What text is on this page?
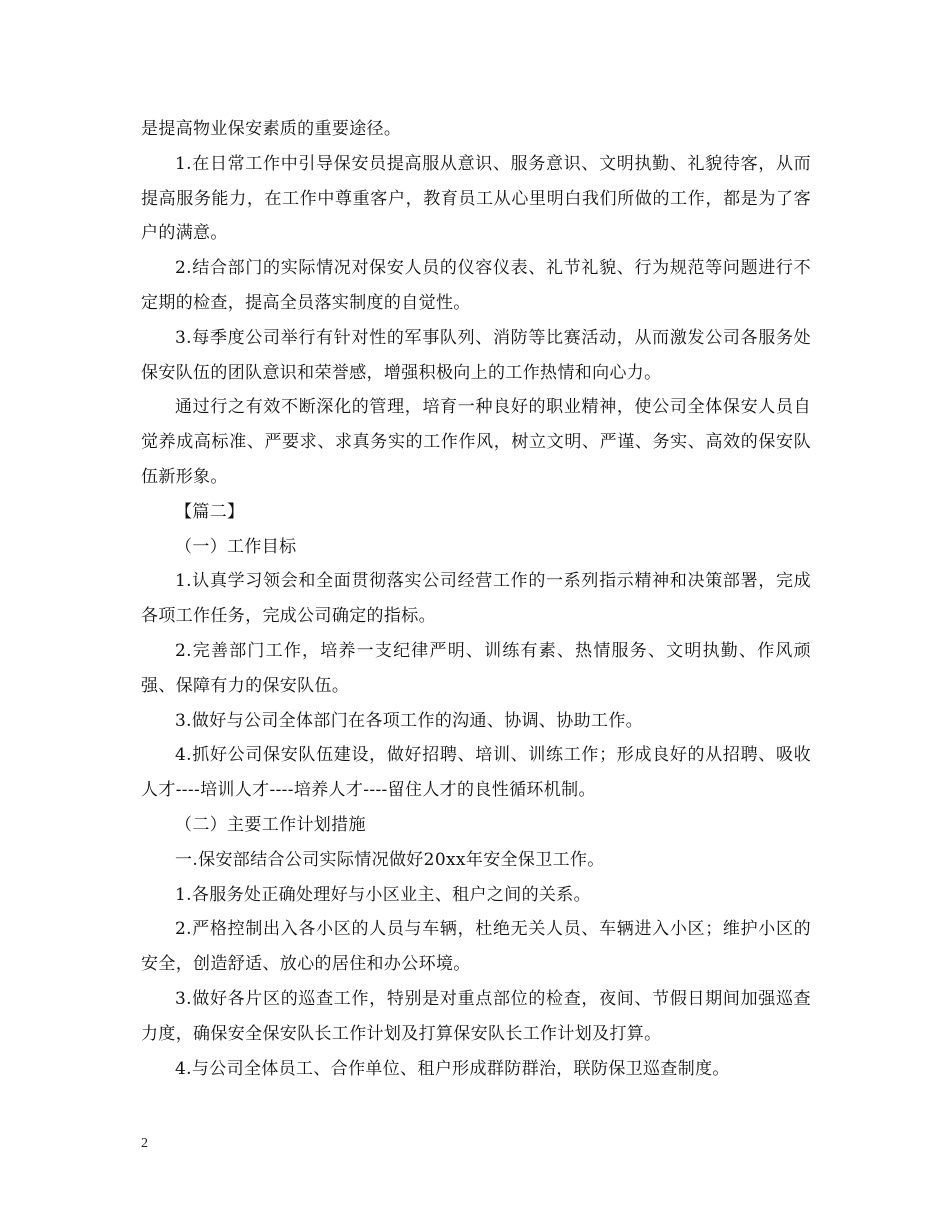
是提高物业保安素质的重要途径。

1.在日常工作中引导保安员提高服从意识、服务意识、文明执勤、礼貌待客，从而提高服务能力，在工作中尊重客户，教育员工从心里明白我们所做的工作，都是为了客户的满意。

2.结合部门的实际情况对保安人员的仪容仪表、礼节礼貌、行为规范等问题进行不定期的检查，提高全员落实制度的自觉性。

3.每季度公司举行有针对性的军事队列、消防等比赛活动，从而激发公司各服务处保安队伍的团队意识和荣誉感，增强积极向上的工作热情和向心力。

通过行之有效不断深化的管理，培育一种良好的职业精神，使公司全体保安人员自觉养成高标准、严要求、求真务实的工作作风，树立文明、严谨、务实、高效的保安队伍新形象。

【篇二】

（一）工作目标

1.认真学习领会和全面贯彻落实公司经营工作的一系列指示精神和决策部署，完成各项工作任务，完成公司确定的指标。

2.完善部门工作，培养一支纪律严明、训练有素、热情服务、文明执勤、作风顽强、保障有力的保安队伍。

3.做好与公司全体部门在各项工作的沟通、协调、协助工作。

4.抓好公司保安队伍建设，做好招聘、培训、训练工作；形成良好的从招聘、吸收人才----培训人才----培养人才----留住人才的良性循环机制。

（二）主要工作计划措施

一.保安部结合公司实际情况做好20xx年安全保卫工作。

1.各服务处正确处理好与小区业主、租户之间的关系。

2.严格控制出入各小区的人员与车辆，杜绝无关人员、车辆进入小区；维护小区的安全，创造舒适、放心的居住和办公环境。

3.做好各片区的巡查工作，特别是对重点部位的检查，夜间、节假日期间加强巡查力度，确保安全保安队长工作计划及打算保安队长工作计划及打算。

4.与公司全体员工、合作单位、租户形成群防群治，联防保卫巡查制度。

2
